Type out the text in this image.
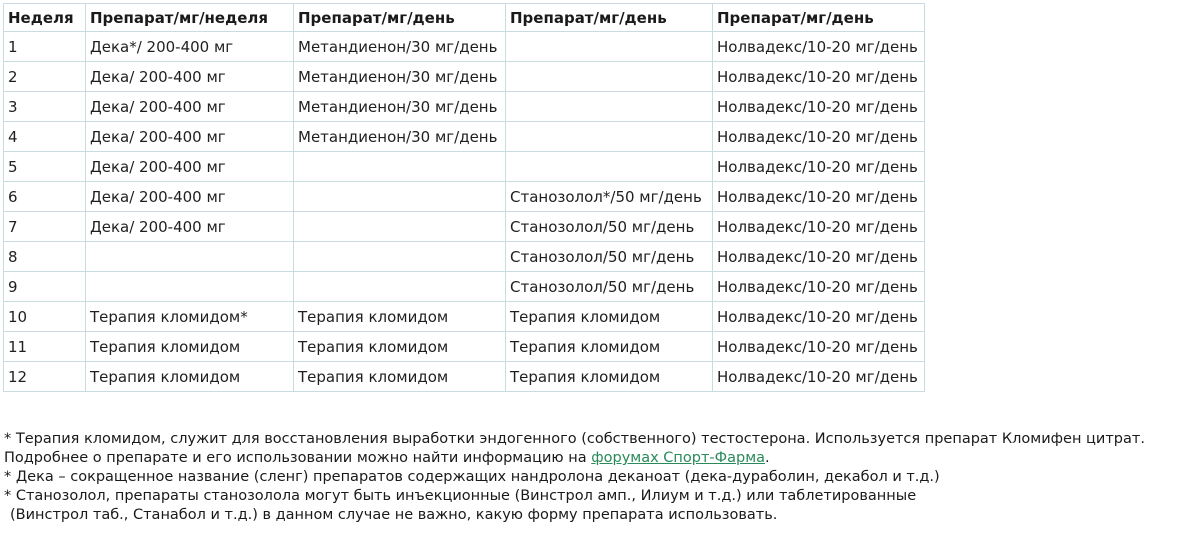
Неделя	Препарат/мг/неделя	Препарат/мг/день	Препарат/мг/день	Препарат/мг/день
1	Дека*/ 200-400 мг	Метандиенон/30 мг/день		Нолвадекс/10-20 мг/день
2	Дека/ 200-400 мг	Метандиенон/30 мг/день		Нолвадекс/10-20 мг/день
3	Дека/ 200-400 мг	Метандиенон/30 мг/день		Нолвадекс/10-20 мг/день
4	Дека/ 200-400 мг	Метандиенон/30 мг/день		Нолвадекс/10-20 мг/день
5	Дека/ 200-400 мг			Нолвадекс/10-20 мг/день
6	Дека/ 200-400 мг		Станозолол*/50 мг/день	Нолвадекс/10-20 мг/день
7	Дека/ 200-400 мг		Станозолол/50 мг/день	Нолвадекс/10-20 мг/день
8			Станозолол/50 мг/день	Нолвадекс/10-20 мг/день
9			Станозолол/50 мг/день	Нолвадекс/10-20 мг/день
10	Терапия кломидом*	Терапия кломидом	Терапия кломидом	Нолвадекс/10-20 мг/день
11	Терапия кломидом	Терапия кломидом	Терапия кломидом	Нолвадекс/10-20 мг/день
12	Терапия кломидом	Терапия кломидом	Терапия кломидом	Нолвадекс/10-20 мг/день

* Терапия кломидом, служит для восстановления выработки эндогенного (собственного) тестостерона. Используется препарат Кломифен цитрат.

Подробнее о препарате и его использовании можно найти информацию на форумах Спорт-Фарма.

* Дека – сокращенное название (сленг) препаратов содержащих нандролона деканоат (дека-дураболин, декабол и т.д.)

* Станозолол, препараты станозолола могут быть инъекционные (Винстрол амп., Илиум и т.д.) или таблетированные

(Винстрол таб., Станабол и т.д.) в данном случае не важно, какую форму препарата использовать.
